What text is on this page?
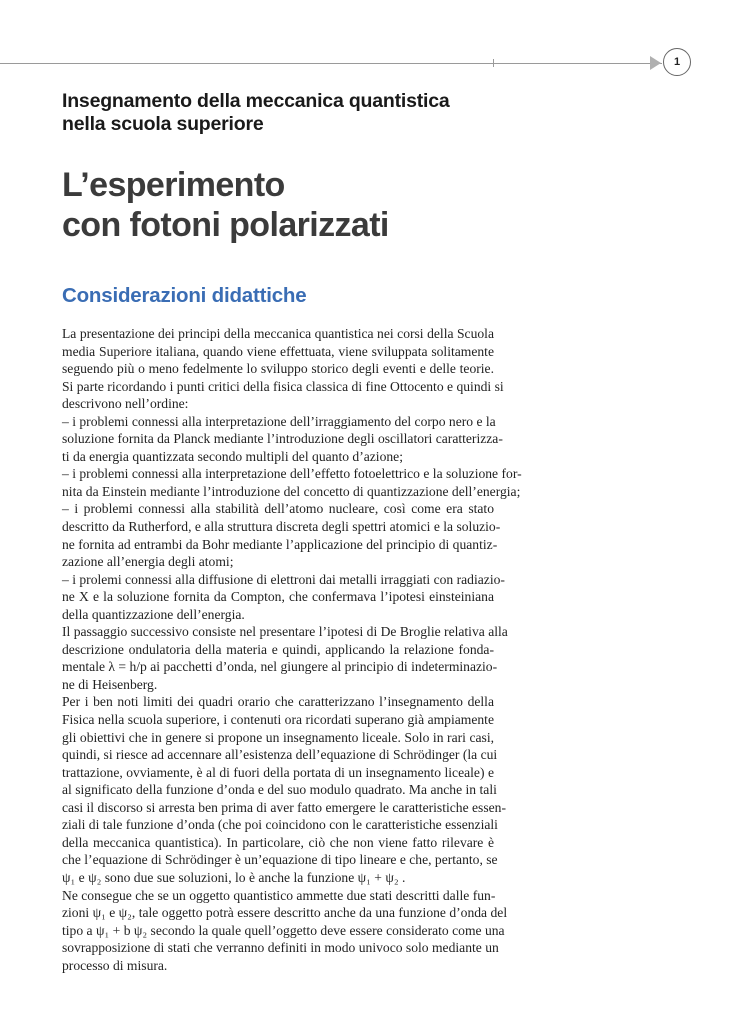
1
Insegnamento della meccanica quantistica
nella scuola superiore
L’esperimento
con fotoni polarizzati
Considerazioni didattiche
La presentazione dei principi della meccanica quantistica nei corsi della Scuola
media Superiore italiana, quando viene effettuata, viene sviluppata solitamente
seguendo più o meno fedelmente lo sviluppo storico degli eventi e delle teorie.
Si parte ricordando i punti critici della fisica classica di fine Ottocento e quindi si
descrivono nell’ordine:
– i problemi connessi alla interpretazione dell’irraggiamento del corpo nero e la
soluzione fornita da Planck mediante l’introduzione degli oscillatori caratterizza-
ti da energia quantizzata secondo multipli del quanto d’azione;
– i problemi connessi alla interpretazione dell’effetto fotoelettrico e la soluzione for-
nita da Einstein mediante l’introduzione del concetto di quantizzazione dell’energia;
– i problemi connessi alla stabilità dell’atomo nucleare, così come era stato
descritto da Rutherford, e alla struttura discreta degli spettri atomici e la soluzio-
ne fornita ad entrambi da Bohr mediante l’applicazione del principio di quantiz-
zazione all’energia degli atomi;
– i prolemi connessi alla diffusione di elettroni dai metalli irraggiati con radiazio-
ne X e la soluzione fornita da Compton, che confermava l’ipotesi einsteiniana
della quantizzazione dell’energia.
Il passaggio successivo consiste nel presentare l’ipotesi di De Broglie relativa alla
descrizione ondulatoria della materia e quindi, applicando la relazione fonda-
mentale λ = h/p ai pacchetti d’onda, nel giungere al principio di indeterminazio-
ne di Heisenberg.
Per i ben noti limiti dei quadri orario che caratterizzano l’insegnamento della
Fisica nella scuola superiore, i contenuti ora ricordati superano già ampiamente
gli obiettivi che in genere si propone un insegnamento liceale. Solo in rari casi,
quindi, si riesce ad accennare all’esistenza dell’equazione di Schrödinger (la cui
trattazione, ovviamente, è al di fuori della portata di un insegnamento liceale) e
al significato della funzione d’onda e del suo modulo quadrato. Ma anche in tali
casi il discorso si arresta ben prima di aver fatto emergere le caratteristiche essen-
ziali di tale funzione d’onda (che poi coincidono con le caratteristiche essenziali
della meccanica quantistica). In particolare, ciò che non viene fatto rilevare è
che l’equazione di Schrödinger è un’equazione di tipo lineare e che, pertanto, se
ψ₁ e ψ₂ sono due sue soluzioni, lo è anche la funzione ψ₁ + ψ₂ .
Ne consegue che se un oggetto quantistico ammette due stati descritti dalle fun-
zioni ψ₁ e ψ₂, tale oggetto potrà essere descritto anche da una funzione d’onda del
tipo a ψ₁ + b ψ₂ secondo la quale quell’oggetto deve essere considerato come una
sovrapposizione di stati che verranno definiti in modo univoco solo mediante un
processo di misura.
